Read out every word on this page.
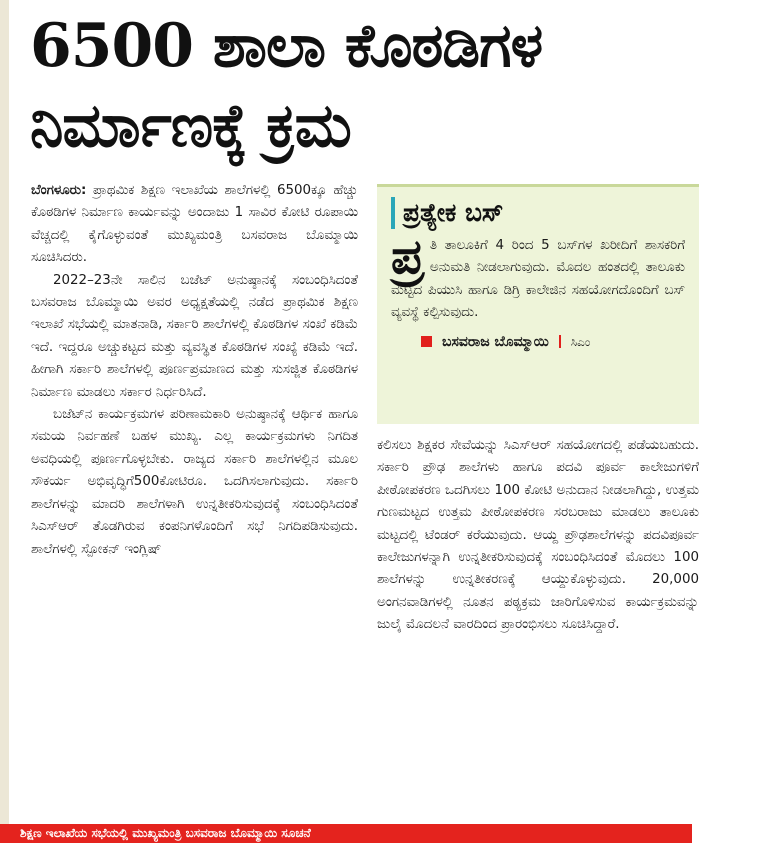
6500 ಶಾಲಾ ಕೊಠಡಿಗಳ
ನಿರ್ಮಾಣಕ್ಕೆ ಕ್ರಮ

ಬೆಂಗಳೂರು: ಪ್ರಾಥಮಿಕ ಶಿಕ್ಷಣ ಇಲಾಖೆಯ ಶಾಲೆಗಳಲ್ಲಿ 6500ಕ್ಕೂ ಹೆಚ್ಚು ಕೊಠಡಿಗಳ ನಿರ್ಮಾಣ ಕಾರ್ಯವನ್ನು ಅಂದಾಜು 1 ಸಾವಿರ ಕೋಟಿ ರೂಪಾಯಿ ವೆಚ್ಚದಲ್ಲಿ ಕೈಗೊಳ್ಳುವಂತೆ ಮುಖ್ಯಮಂತ್ರಿ ಬಸವರಾಜ ಬೊಮ್ಮಾಯಿ ಸೂಚಿಸಿದರು.

2022–23ನೇ ಸಾಲಿನ ಬಜೆಟ್ ಅನುಷ್ಠಾನಕ್ಕೆ ಸಂಬಂಧಿಸಿದಂತೆ ಬಸವರಾಜ ಬೊಮ್ಮಾಯಿ ಅವರ ಅಧ್ಯಕ್ಷತೆಯಲ್ಲಿ ನಡೆದ ಪ್ರಾಥಮಿಕ ಶಿಕ್ಷಣ ಇಲಾಖೆ ಸಭೆಯಲ್ಲಿ ಮಾತನಾಡಿ, ಸರ್ಕಾರಿ ಶಾಲೆಗಳಲ್ಲಿ ಕೊಠಡಿಗಳ ಸಂಖೆ ಕಡಿಮೆ ಇದೆ. ಇದ್ದರೂ ಅಚ್ಚುಕಟ್ಟದ ಮತ್ತು ವ್ಯವಸ್ಥಿತ ಕೊಠಡಿಗಳ ಸಂಖ್ಯೆ ಕಡಿಮೆ ಇದೆ. ಹೀಗಾಗಿ ಸರ್ಕಾರಿ ಶಾಲೆಗಳಲ್ಲಿ ಪೂರ್ಣಪ್ರಮಾಣದ ಮತ್ತು ಸುಸಜ್ಜಿತ ಕೊಠಡಿಗಳ ನಿರ್ಮಾಣ ಮಾಡಲು ಸರ್ಕಾರ ನಿರ್ಧರಿಸಿದೆ.

ಬಜೆಟ್‌ನ ಕಾರ್ಯಕ್ರಮಗಳ ಪರಿಣಾಮಕಾರಿ ಅನುಷ್ಠಾನಕ್ಕೆ ಆರ್ಥಿಕ ಹಾಗೂ ಸಮಯ ನಿರ್ವಹಣೆ ಬಹಳ ಮುಖ್ಯ. ಎಲ್ಲ ಕಾರ್ಯಕ್ರಮಗಳು ನಿಗದಿತ ಅವಧಿಯಲ್ಲಿ ಪೂರ್ಣಗೊಳ್ಳಬೇಕು. ರಾಜ್ಯದ ಸರ್ಕಾರಿ ಶಾಲೆಗಳಲ್ಲಿನ ಮೂಲ ಸೌಕರ್ಯ ಅಭಿವೃದ್ಧಿಗೆ500ಕೋಟಿರೂ. ಒದಗಿಸಲಾಗುವುದು. ಸರ್ಕಾರಿ ಶಾಲೆಗಳನ್ನು ಮಾದರಿ ಶಾಲೆಗಳಾಗಿ ಉನ್ನತೀಕರಿಸುವುದಕ್ಕೆ ಸಂಬಂಧಿಸಿದಂತೆ ಸಿಎಸ್‌ಆರ್ ತೊಡಗಿರುವ ಕಂಪನಿಗಳೊಂದಿಗೆ ಸಭೆ ನಿಗದಿಪಡಿಸುವುದು. ಶಾಲೆಗಳಲ್ಲಿ ಸ್ಪೋಕನ್ ಇಂಗ್ಲಿಷ್

ಪ್ರತ್ಯೇಕ ಬಸ್
ಪ್ರ ತಿ ತಾಲೂಕಿಗೆ 4 ರಿಂದ 5 ಬಸ್‌ಗಳ ಖರೀದಿಗೆ ಶಾಸಕರಿಗೆ ಅನುಮತಿ ನೀಡಲಾಗುವುದು. ಮೊದಲ ಹಂತದಲ್ಲಿ ತಾಲೂಕು ಮಟ್ಟದ ಪಿಯುಸಿ ಹಾಗೂ ಡಿಗ್ರಿ ಕಾಲೇಜಿನ ಸಹಯೋಗದೊಂದಿಗೆ ಬಸ್ ವ್ಯವಸ್ಥೆ ಕಲ್ಪಿಸುವುದು.
ಬಸವರಾಜ ಬೊಮ್ಮಾಯಿ ಸಿಎಂ

ಕಲಿಸಲು ಶಿಕ್ಷಕರ ಸೇವೆಯನ್ನು ಸಿಎಸ್‌ಆರ್ ಸಹಯೋಗದಲ್ಲಿ ಪಡೆಯಬಹುದು. ಸರ್ಕಾರಿ ಪ್ರೌಢ ಶಾಲೆಗಳು ಹಾಗೂ ಪದವಿ ಪೂರ್ವ ಕಾಲೇಜುಗಳಿಗೆ ಪೀಠೋಪಕರಣ ಒದಗಿಸಲು 100 ಕೋಟಿ ಅನುದಾನ ನೀಡಲಾಗಿದ್ದು, ಉತ್ತಮ ಗುಣಮಟ್ಟದ ಉತ್ತಮ ಪೀಠೋಪಕರಣ ಸರಬರಾಜು ಮಾಡಲು ತಾಲೂಕು ಮಟ್ಟದಲ್ಲಿ ಟೆಂಡರ್ ಕರೆಯುವುದು. ಆಯ್ದ ಪ್ರೌಢಶಾಲೆಗಳನ್ನು ಪದವಿಪೂರ್ವ ಕಾಲೇಜುಗಳನ್ನಾಗಿ ಉನ್ನತೀಕರಿಸುವುದಕ್ಕೆ ಸಂಬಂಧಿಸಿದಂತೆ ಮೊದಲು 100 ಶಾಲೆಗಳನ್ನು ಉನ್ನತೀಕರಣಕ್ಕೆ ಆಯ್ದುಕೊಳ್ಳುವುದು. 20,000 ಅಂಗನವಾಡಿಗಳಲ್ಲಿ ನೂತನ ಪಠ್ಯಕ್ರಮ ಜಾರಿಗೊಳಿಸುವ ಕಾರ್ಯಕ್ರಮವನ್ನು ಜುಲೈ ಮೊದಲನೆ ವಾರದಿಂದ ಪ್ರಾರಂಭಿಸಲು ಸೂಚಿಸಿದ್ದಾರೆ.

ಶಿಕ್ಷಣ ಇಲಾಖೆಯ ಸಭೆಯಲ್ಲಿ ಮುಖ್ಯಮಂತ್ರಿ ಬಸವರಾಜ ಬೊಮ್ಮಾಯಿ ಸೂಚನೆ
